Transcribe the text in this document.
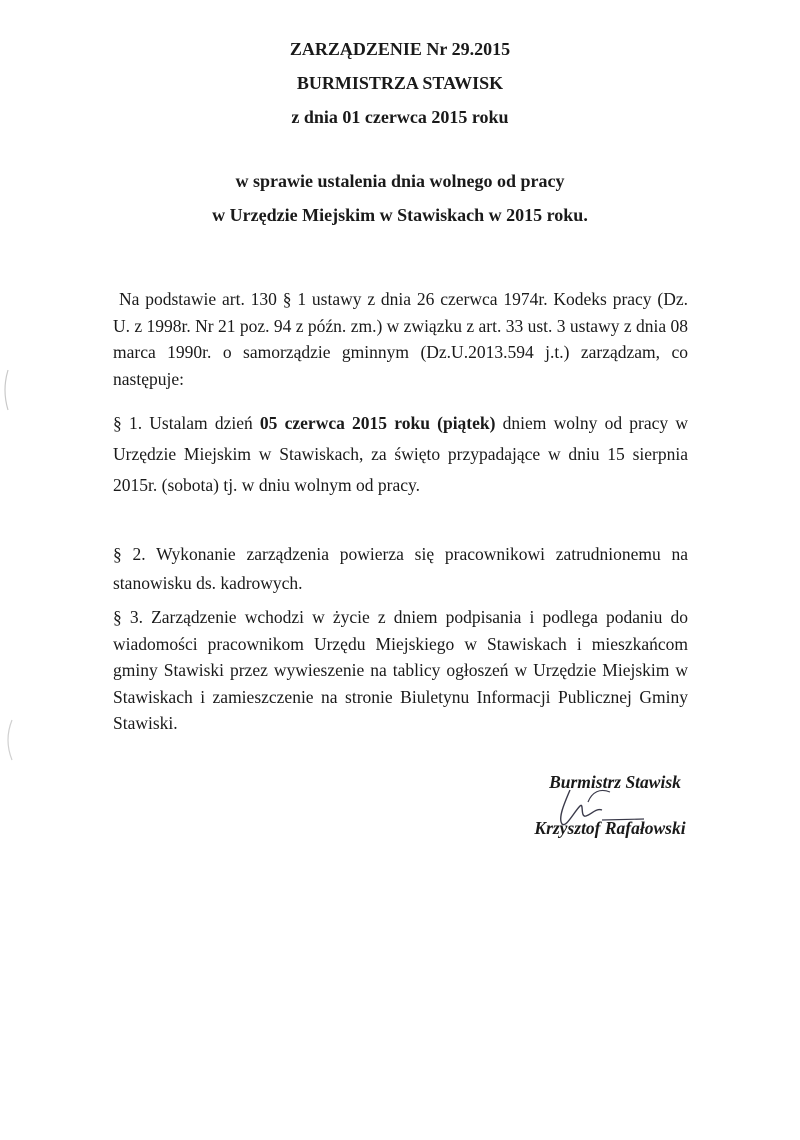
ZARZĄDZENIE Nr 29.2015
BURMISTRZA STAWISK
z dnia 01 czerwca 2015 roku
w sprawie ustalenia dnia wolnego od pracy
w Urzędzie Miejskim w Stawiskach w 2015 roku.
Na podstawie art. 130 § 1 ustawy z dnia 26 czerwca 1974r. Kodeks pracy (Dz. U. z 1998r. Nr 21 poz. 94 z późn. zm.) w związku z art. 33 ust. 3 ustawy z dnia 08 marca 1990r. o samorządzie gminnym (Dz.U.2013.594 j.t.) zarządzam, co następuje:
§ 1. Ustalam dzień 05 czerwca 2015 roku (piątek) dniem wolny od pracy w Urzędzie Miejskim w Stawiskach, za święto przypadające w dniu 15 sierpnia 2015r. (sobota) tj. w dniu wolnym od pracy.
§ 2. Wykonanie zarządzenia powierza się pracownikowi zatrudnionemu na stanowisku ds. kadrowych.
§ 3. Zarządzenie wchodzi w życie z dniem podpisania i podlega podaniu do wiadomości pracownikom Urzędu Miejskiego w Stawiskach i mieszkańcom gminy Stawiski przez wywieszenie na tablicy ogłoszeń w Urzędzie Miejskim w Stawiskach i zamieszczenie na stronie Biuletynu Informacji Publicznej Gminy Stawiski.
Burmistrz Stawisk
Krzysztof Rafałowski
